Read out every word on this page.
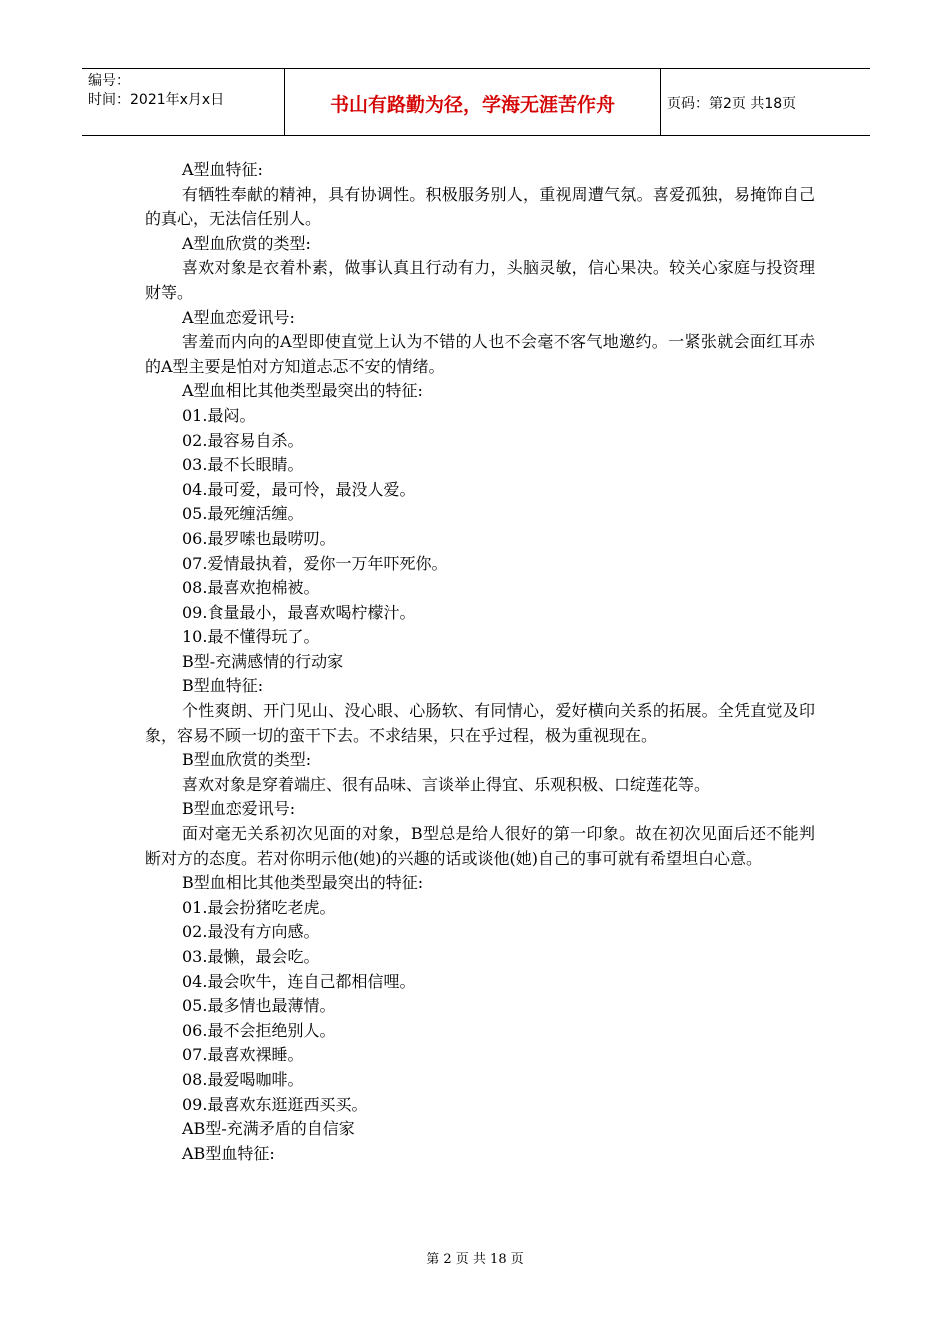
编号：
时间：2021年x月x日	书山有路勤为径，学海无涯苦作舟	页码：第2页 共18页

A型血特征:

有牺牲奉献的精神，具有协调性。积极服务别人，重视周遭气氛。喜爱孤独，易掩饰自己的真心，无法信任别人。

A型血欣赏的类型:

喜欢对象是衣着朴素，做事认真且行动有力，头脑灵敏，信心果决。较关心家庭与投资理财等。

A型血恋爱讯号:

害羞而内向的A型即使直觉上认为不错的人也不会毫不客气地邀约。一紧张就会面红耳赤的A型主要是怕对方知道忐忑不安的情绪。

A型血相比其他类型最突出的特征:

01.最闷。

02.最容易自杀。

03.最不长眼睛。

04.最可爱，最可怜，最没人爱。

05.最死缠活缠。

06.最罗嗦也最唠叨。

07.爱情最执着，爱你一万年吓死你。

08.最喜欢抱棉被。

09.食量最小，最喜欢喝柠檬汁。

10.最不懂得玩了。

B型-充满感情的行动家

B型血特征:

个性爽朗、开门见山、没心眼、心肠软、有同情心，爱好横向关系的拓展。全凭直觉及印象，容易不顾一切的蛮干下去。不求结果，只在乎过程，极为重视现在。

B型血欣赏的类型:

喜欢对象是穿着端庄、很有品味、言谈举止得宜、乐观积极、口绽莲花等。

B型血恋爱讯号:

面对毫无关系初次见面的对象，B型总是给人很好的第一印象。故在初次见面后还不能判断对方的态度。若对你明示他(她)的兴趣的话或谈他(她)自己的事可就有希望坦白心意。

B型血相比其他类型最突出的特征:

01.最会扮猪吃老虎。

02.最没有方向感。

03.最懒，最会吃。

04.最会吹牛，连自己都相信哩。

05.最多情也最薄情。

06.最不会拒绝别人。

07.最喜欢裸睡。

08.最爱喝咖啡。

09.最喜欢东逛逛西买买。

AB型-充满矛盾的自信家

AB型血特征:

第 2 页 共 18 页
